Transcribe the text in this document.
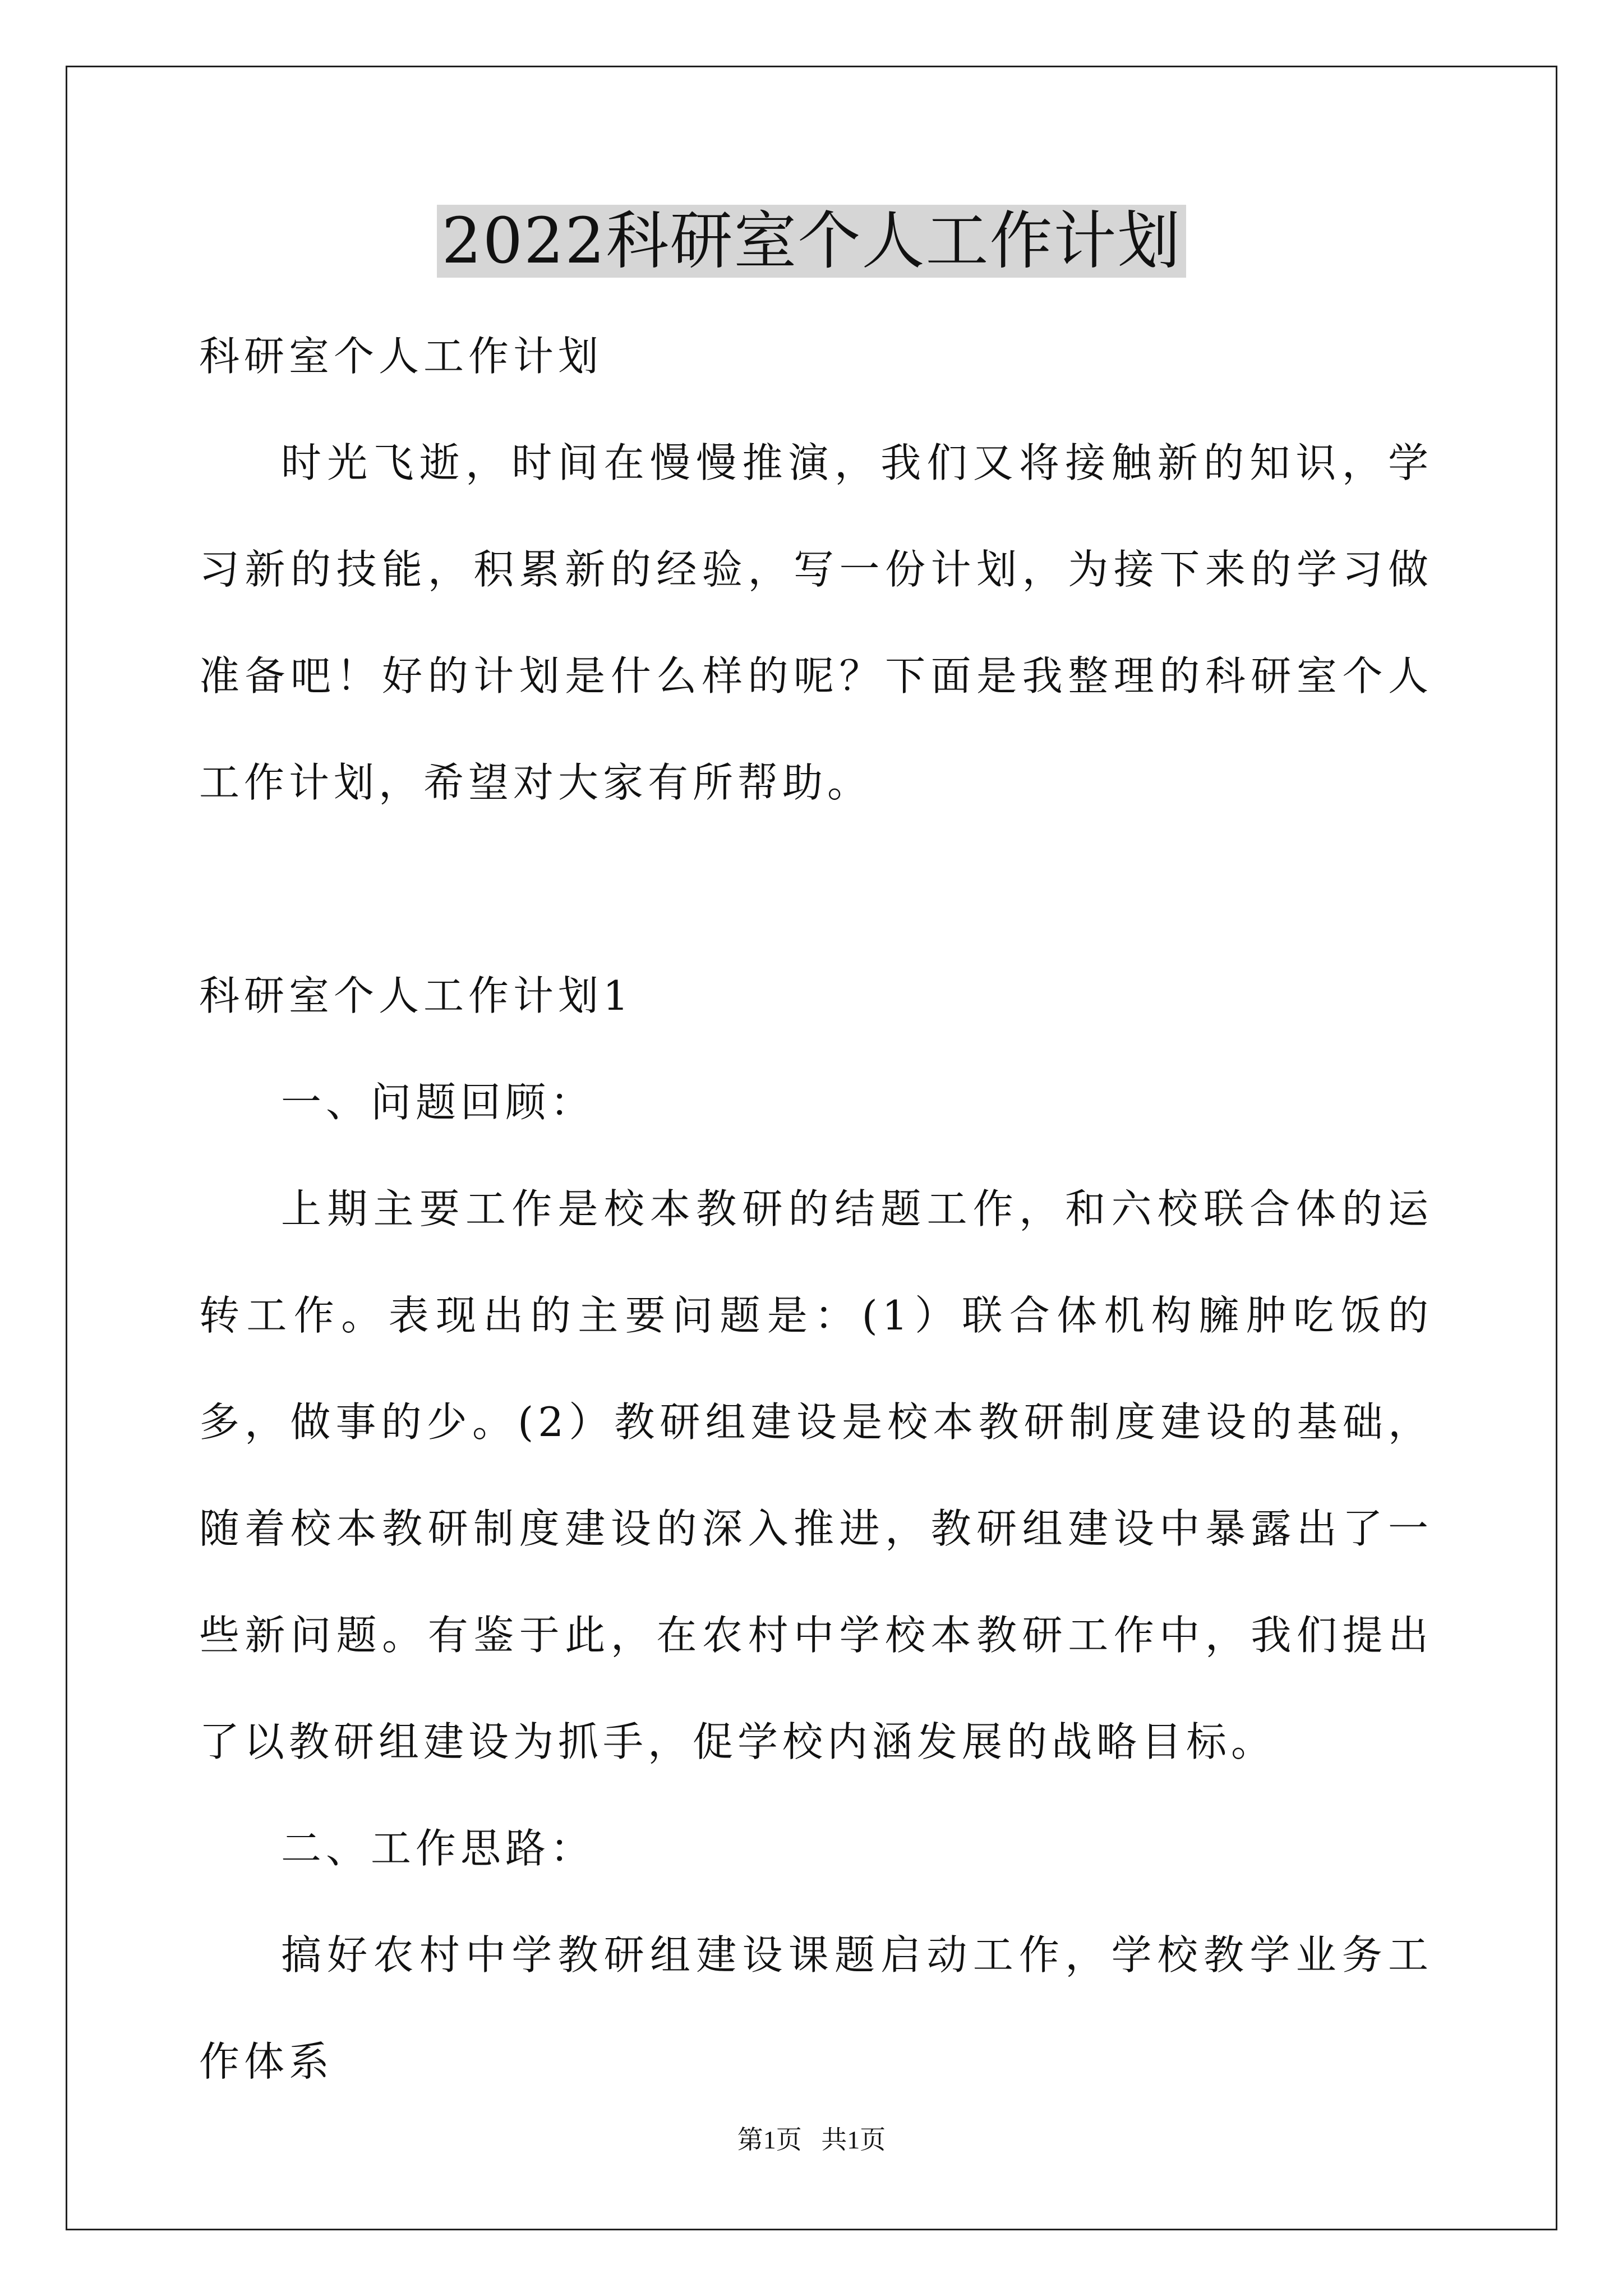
2022科研室个人工作计划

科研室个人工作计划

时光飞逝，时间在慢慢推演，我们又将接触新的知识，学习新的技能，积累新的经验，写一份计划，为接下来的学习做准备吧！好的计划是什么样的呢？下面是我整理的科研室个人工作计划，希望对大家有所帮助。

科研室个人工作计划1

一、问题回顾：

上期主要工作是校本教研的结题工作，和六校联合体的运转工作。表现出的主要问题是：(1）联合体机构臃肿吃饭的多，做事的少。(2）教研组建设是校本教研制度建设的基础，随着校本教研制度建设的深入推进，教研组建设中暴露出了一些新问题。有鉴于此，在农村中学校本教研工作中，我们提出了以教研组建设为抓手，促学校内涵发展的战略目标。

二、工作思路：

搞好农村中学教研组建设课题启动工作，学校教学业务工作体系

第1页   共1页
